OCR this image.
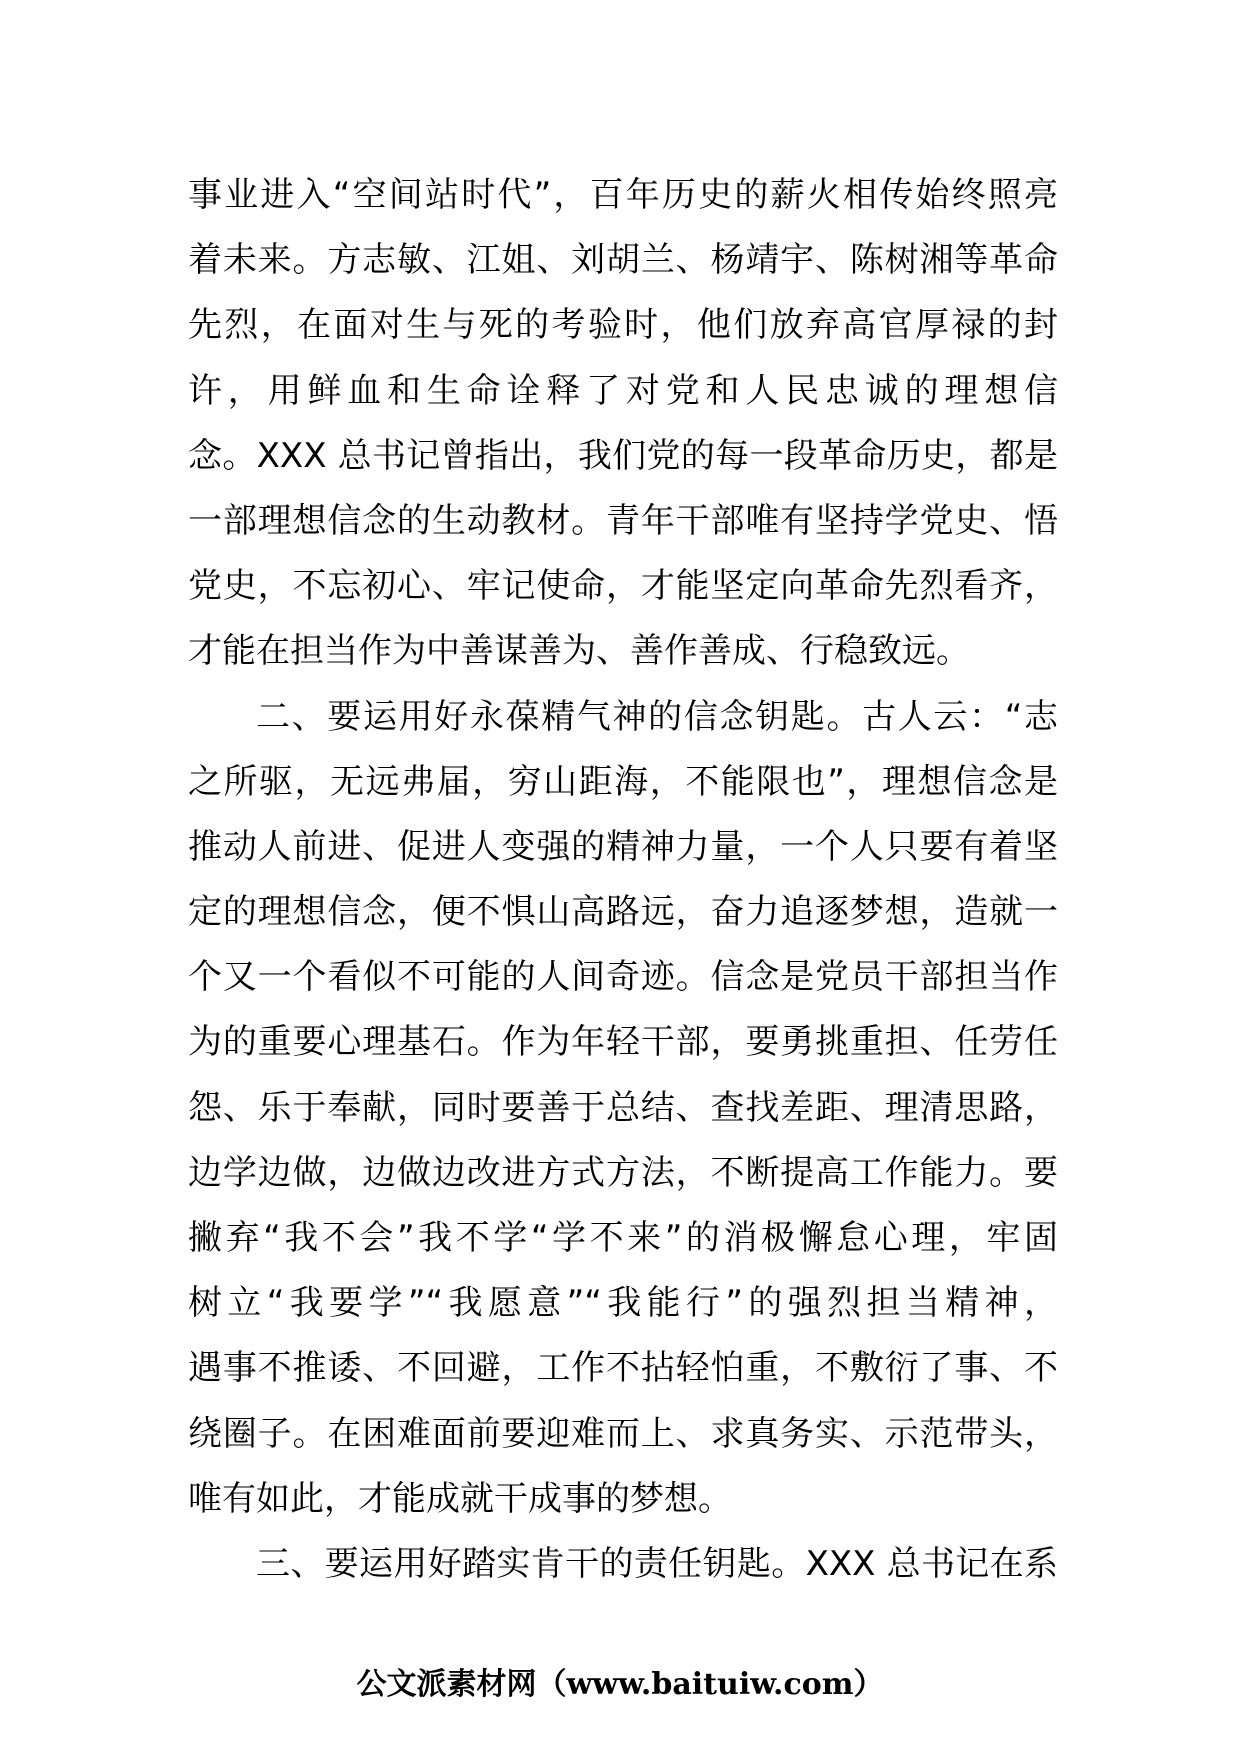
事业进入“空间站时代”，百年历史的薪火相传始终照亮
着未来。方志敏、江姐、刘胡兰、杨靖宇、陈树湘等革命
先烈，在面对生与死的考验时，他们放弃高官厚禄的封
许，用鲜血和生命诠释了对党和人民忠诚的理想信
念。XXX 总书记曾指出，我们党的每一段革命历史，都是
一部理想信念的生动教材。青年干部唯有坚持学党史、悟
党史，不忘初心、牢记使命，才能坚定向革命先烈看齐，
才能在担当作为中善谋善为、善作善成、行稳致远。
二、要运用好永葆精气神的信念钥匙。古人云：“志
之所驱，无远弗届，穷山距海，不能限也”，理想信念是
推动人前进、促进人变强的精神力量，一个人只要有着坚
定的理想信念，便不惧山高路远，奋力追逐梦想，造就一
个又一个看似不可能的人间奇迹。信念是党员干部担当作
为的重要心理基石。作为年轻干部，要勇挑重担、任劳任
怨、乐于奉献，同时要善于总结、查找差距、理清思路，
边学边做，边做边改进方式方法，不断提高工作能力。要
撇弃“我不会”我不学“学不来”的消极懈怠心理，牢固
树立“我要学”“我愿意”“我能行”的强烈担当精神，
遇事不推诿、不回避，工作不拈轻怕重，不敷衍了事、不
绕圈子。在困难面前要迎难而上、求真务实、示范带头，
唯有如此，才能成就干成事的梦想。
三、要运用好踏实肯干的责任钥匙。XXX 总书记在系
公文派素材网（www.baituiw.com）
